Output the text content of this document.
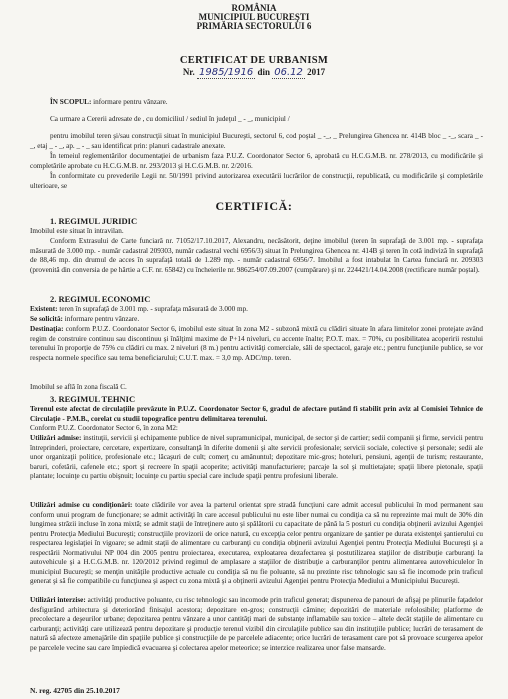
ROMÂNIA
MUNICIPIUL BUCUREŞTI
PRIMĂRIA SECTORULUI 6
CERTIFICAT DE URBANISM
Nr. 1985/1916 din 06.12 2017
ÎN SCOPUL: informare pentru vânzare.
Ca urmare a Cererii adresate de , cu domiciliul / sediul în judeţul _ - _, municipiul /
pentru imobilul teren şi/sau construcţii situat în municipiul Bucureşti, sectorul 6, cod poştal _ -_, _ Prelungirea Ghencea nr. 414B bloc _ -_, scara _ - _, etaj _ - _, ap. _ - _ sau identificat prin: planuri cadastrale anexate.
În temeiul reglementărilor documentaţiei de urbanism faza P.U.Z. Coordonator Sector 6, aprobată cu H.C.G.M.B. nr. 278/2013, cu modificările şi completările aprobate cu H.C.G.M.B. nr. 293/2013 şi H.C.G.M.B. nr. 2/2016.
În conformitate cu prevederile Legii nr. 50/1991 privind autorizarea executării lucrărilor de construcţii, republicată, cu modificările şi completările ulterioare, se
CERTIFICĂ:
1. REGIMUL JURIDIC
Imobilul este situat în intravilan.
Conform Extrasului de Carte funciară nr. 71052/17.10.2017, Alexandru, necăsătorit, deţine imobilul (teren în suprafaţă de 3.001 mp. - suprafaţa măsurată de 3.000 mp. - număr cadastral 209303, număr cadastral vechi 6956/3) situat în Prelungirea Ghencea nr. 414B şi teren în cotă indiviză în suprafaţă de 88,46 mp. din drumul de acces în suprafaţă totală de 1.289 mp. - număr cadastral 6956/7. Imobilul a fost intabulat în Cartea funciară nr. 209303 (provenită din conversia de pe hârtie a C.F. nr. 65842) cu încheierile nr. 986254/07.09.2007 (cumpărare) şi nr. 224421/14.04.2008 (rectificare număr poştal).
2. REGIMUL ECONOMIC
Existent: teren în suprafaţă de 3.001 mp. - suprafaţa măsurată de 3.000 mp.
Se solicită: informare pentru vânzare.
Destinaţia: conform P.U.Z. Coordonator Sector 6, imobilul este situat în zona M2 - subzonă mixtă cu clădiri situate în afara limitelor zonei protejate având regim de construire continuu sau discontinuu şi înălţimi maxime de P+14 niveluri, cu accente înalte; P.O.T. max. = 70%, cu posibilitatea acoperirii restului terenului în proporţie de 75% cu clădiri cu max. 2 niveluri (8 m.) pentru activităţi comerciale, săli de spectacol, garaje etc.; pentru funcţiunile publice, se vor respecta normele specifice sau tema beneficiarului; C.U.T. max. = 3,0 mp. ADC/mp. teren.
Imobilul se află în zona fiscală C.
3. REGIMUL TEHNIC
Terenul este afectat de circulaţiile prevăzute în P.U.Z. Coordonator Sector 6, gradul de afectare putând fi stabilit prin aviz al Comisiei Tehnice de Circulaţie - P.M.B., corelat cu studii topografice pentru delimitarea terenului.
Conform P.U.Z. Coordonator Sector 6, în zona M2:
Utilizări admise: instituţii, servicii şi echipamente publice de nivel supramunicipal, municipal, de sector şi de cartier; sedii companii şi firme, servicii pentru întreprinderi, proiectare, cercetare, expertizare, consultanţă în diferite domenii şi alte servicii profesionale; servicii sociale, colective şi personale; sedii ale unor organizaţii politice, profesionale etc.; lăcaşuri de cult; comerţ cu amănuntul; depozitare mic-gros; hoteluri, pensiuni, agenţii de turism; restaurante, baruri, cofetării, cafenele etc.; sport şi recreere în spaţii acoperite; activităţi manufacturiere; parcaje la sol şi multietajate; spaţii libere pietonale, spaţii plantate; locuinţe cu partiu obişnuit; locuinţe cu partiu special care include spaţii pentru profesiuni liberale.
Utilizări admise cu condiţionări: toate clădirile vor avea la parterul orientat spre stradă funcţiuni care admit accesul publicului în mod permanent sau conform unui program de funcţionare; se admit activităţi în care accesul publicului nu este liber numai cu condiţia ca să nu reprezinte mai mult de 30% din lungimea străzii incluse în zona mixtă; se admit staţii de întreţinere auto şi spălătorii cu capacitate de până la 5 posturi cu condiţia obţinerii avizului Agenţiei pentru Protecţia Mediului Bucureşti; construcţiile provizorii de orice natură, cu excepţia celor pentru organizare de şantier pe durata existenţei şantierului cu respectarea legislaţiei în vigoare; se admit staţii de alimentare cu carburanţi cu condiţia obţinerii avizului Agenţiei pentru Protecţia Mediului Bucureşti şi a respectării Normativului NP 004 din 2005 pentru proiectarea, executarea, exploatarea dezafectarea şi postutilizarea staţiilor de distribuţie carburanţi la autovehicule şi a H.C.G.M.B. nr. 120/2012 privind regimul de amplasare a staţiilor de distribuţie a carburanţilor pentru alimentarea autovehiculelor în municipiul Bucureşti; se menţin unităţile productive actuale cu condiţia să nu fie poluante, să nu prezinte risc tehnologic sau să fie incomode prin traficul generat şi să fie compatibile cu funcţiunea şi aspect cu zona mixtă şi a obţinerii avizului Agenţiei pentru Protecţia Mediului a Municipiului Bucureşti.
Utilizări interzise: activităţi productive poluante, cu risc tehnologic sau incomode prin traficul generat; dispunerea de panouri de afişaj pe plinurile faţadelor desfigurând arhitectura şi deteriorând finisajul acestora; depozitare en-gros; construcţii cămine; depozitări de materiale refolosibile; platforme de precolectare a deşeurilor urbane; depozitarea pentru vânzare a unor cantităţi mari de substanţe inflamabile sau toxice – altele decât staţiile de alimentare cu carburanţi; activităţi care utilizează pentru depozitare şi producţie terenul vizibil din circulaţiile publice sau din instituţiile publice; lucrări de terasament de natură să afecteze amenajările din spaţiile publice şi construcţiile de pe parcelele adiacente; orice lucrări de terasament care pot să provoace scurgerea apelor pe parcelele vecine sau care împiedică evacuarea şi colectarea apelor meteorice; se interzice realizarea unor false mansarde.
N. reg. 42705 din 25.10.2017
